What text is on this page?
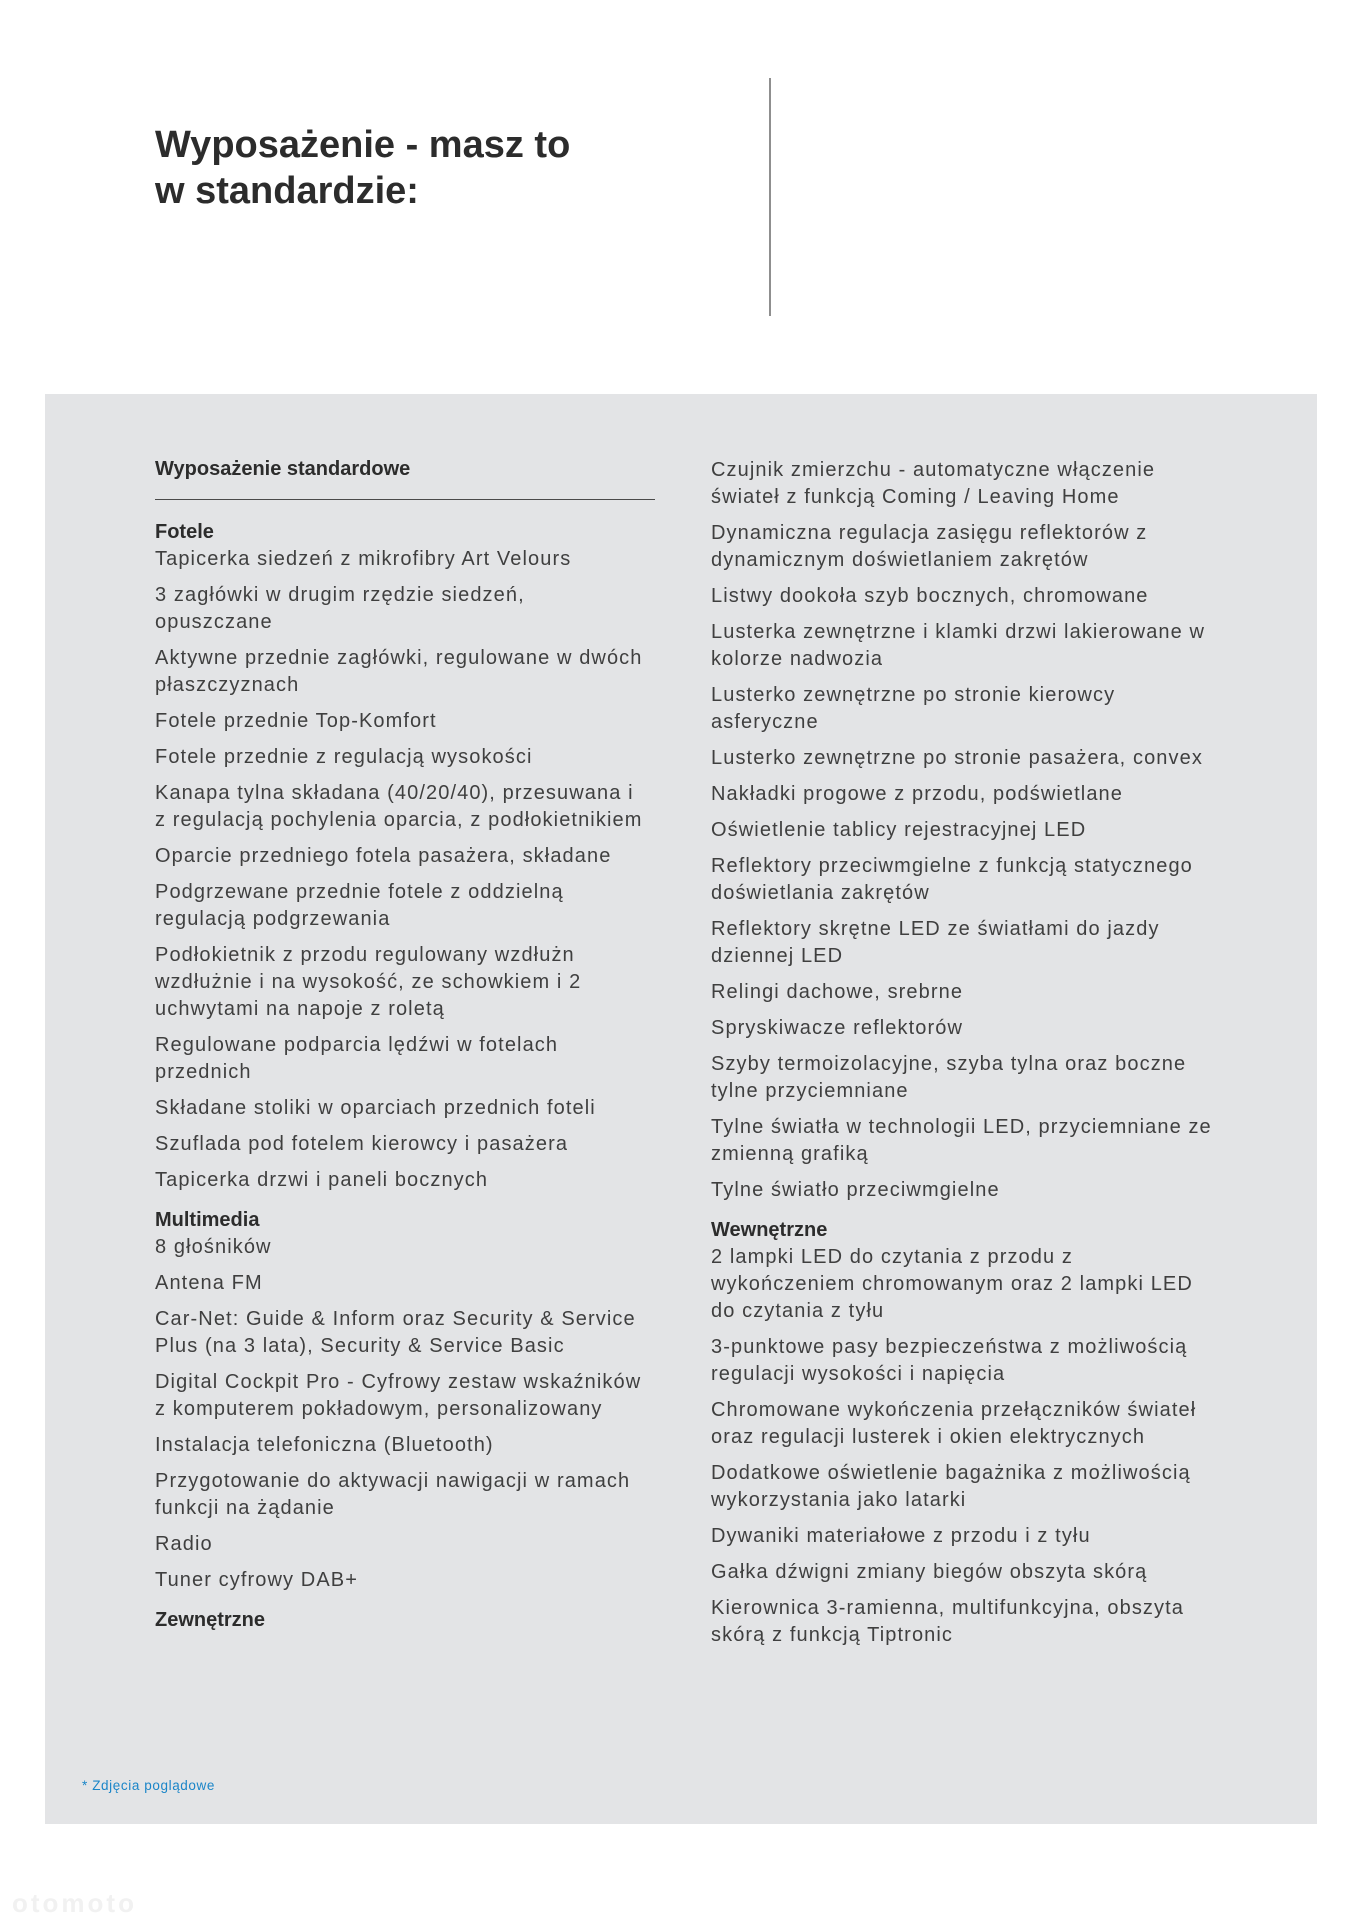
Wyposażenie - masz to
w standardzie:
Wyposażenie standardowe
Fotele
Tapicerka siedzeń z mikrofibry Art Velours
3 zagłówki w drugim rzędzie siedzeń, opuszczane
Aktywne przednie zagłówki, regulowane w dwóch płaszczyznach
Fotele przednie Top-Komfort
Fotele przednie z regulacją wysokości
Kanapa tylna składana (40/20/40), przesuwana i z regulacją pochylenia oparcia, z podłokietnikiem
Oparcie przedniego fotela pasażera, składane
Podgrzewane przednie fotele z oddzielną regulacją podgrzewania
Podłokietnik z przodu regulowany wzdłużn wzdłużnie i na wysokość, ze schowkiem i 2 uchwytami na napoje z roletą
Regulowane podparcia lędźwi w fotelach przednich
Składane stoliki w oparciach przednich foteli
Szuflada pod fotelem kierowcy i pasażera
Tapicerka drzwi i paneli bocznych
Multimedia
8 głośników
Antena FM
Car-Net: Guide & Inform oraz Security & Service Plus (na 3 lata), Security & Service Basic
Digital Cockpit Pro - Cyfrowy zestaw wskaźników z komputerem pokładowym, personalizowany
Instalacja telefoniczna (Bluetooth)
Przygotowanie do aktywacji nawigacji w ramach funkcji na żądanie
Radio
Tuner cyfrowy DAB+
Zewnętrzne
Czujnik zmierzchu - automatyczne włączenie świateł z funkcją Coming / Leaving Home
Dynamiczna regulacja zasięgu reflektorów z dynamicznym doświetlaniem zakrętów
Listwy dookoła szyb bocznych, chromowane
Lusterka zewnętrzne i klamki drzwi lakierowane w kolorze nadwozia
Lusterko zewnętrzne po stronie kierowcy asferyczne
Lusterko zewnętrzne po stronie pasażera, convex
Nakładki progowe z przodu, podświetlane
Oświetlenie tablicy rejestracyjnej LED
Reflektory przeciwmgielne z funkcją statycznego doświetlania zakrętów
Reflektory skrętne LED ze światłami do jazdy dziennej LED
Relingi dachowe, srebrne
Spryskiwacze reflektorów
Szyby termoizolacyjne, szyba tylna oraz boczne tylne przyciemniane
Tylne światła w technologii LED, przyciemniane ze zmienną grafiką
Tylne światło przeciwmgielne
Wewnętrzne
2 lampki LED do czytania z przodu z wykończeniem chromowanym oraz 2 lampki LED do czytania z tyłu
3-punktowe pasy bezpieczeństwa z możliwością regulacji wysokości i napięcia
Chromowane wykończenia przełączników świateł oraz regulacji lusterek i okien elektrycznych
Dodatkowe oświetlenie bagażnika z możliwością wykorzystania jako latarki
Dywaniki materiałowe z przodu i z tyłu
Gałka dźwigni zmiany biegów obszyta skórą
Kierownica 3-ramienna, multifunkcyjna, obszyta skórą z funkcją Tiptronic
* Zdjęcia poglądowe
otomoto
